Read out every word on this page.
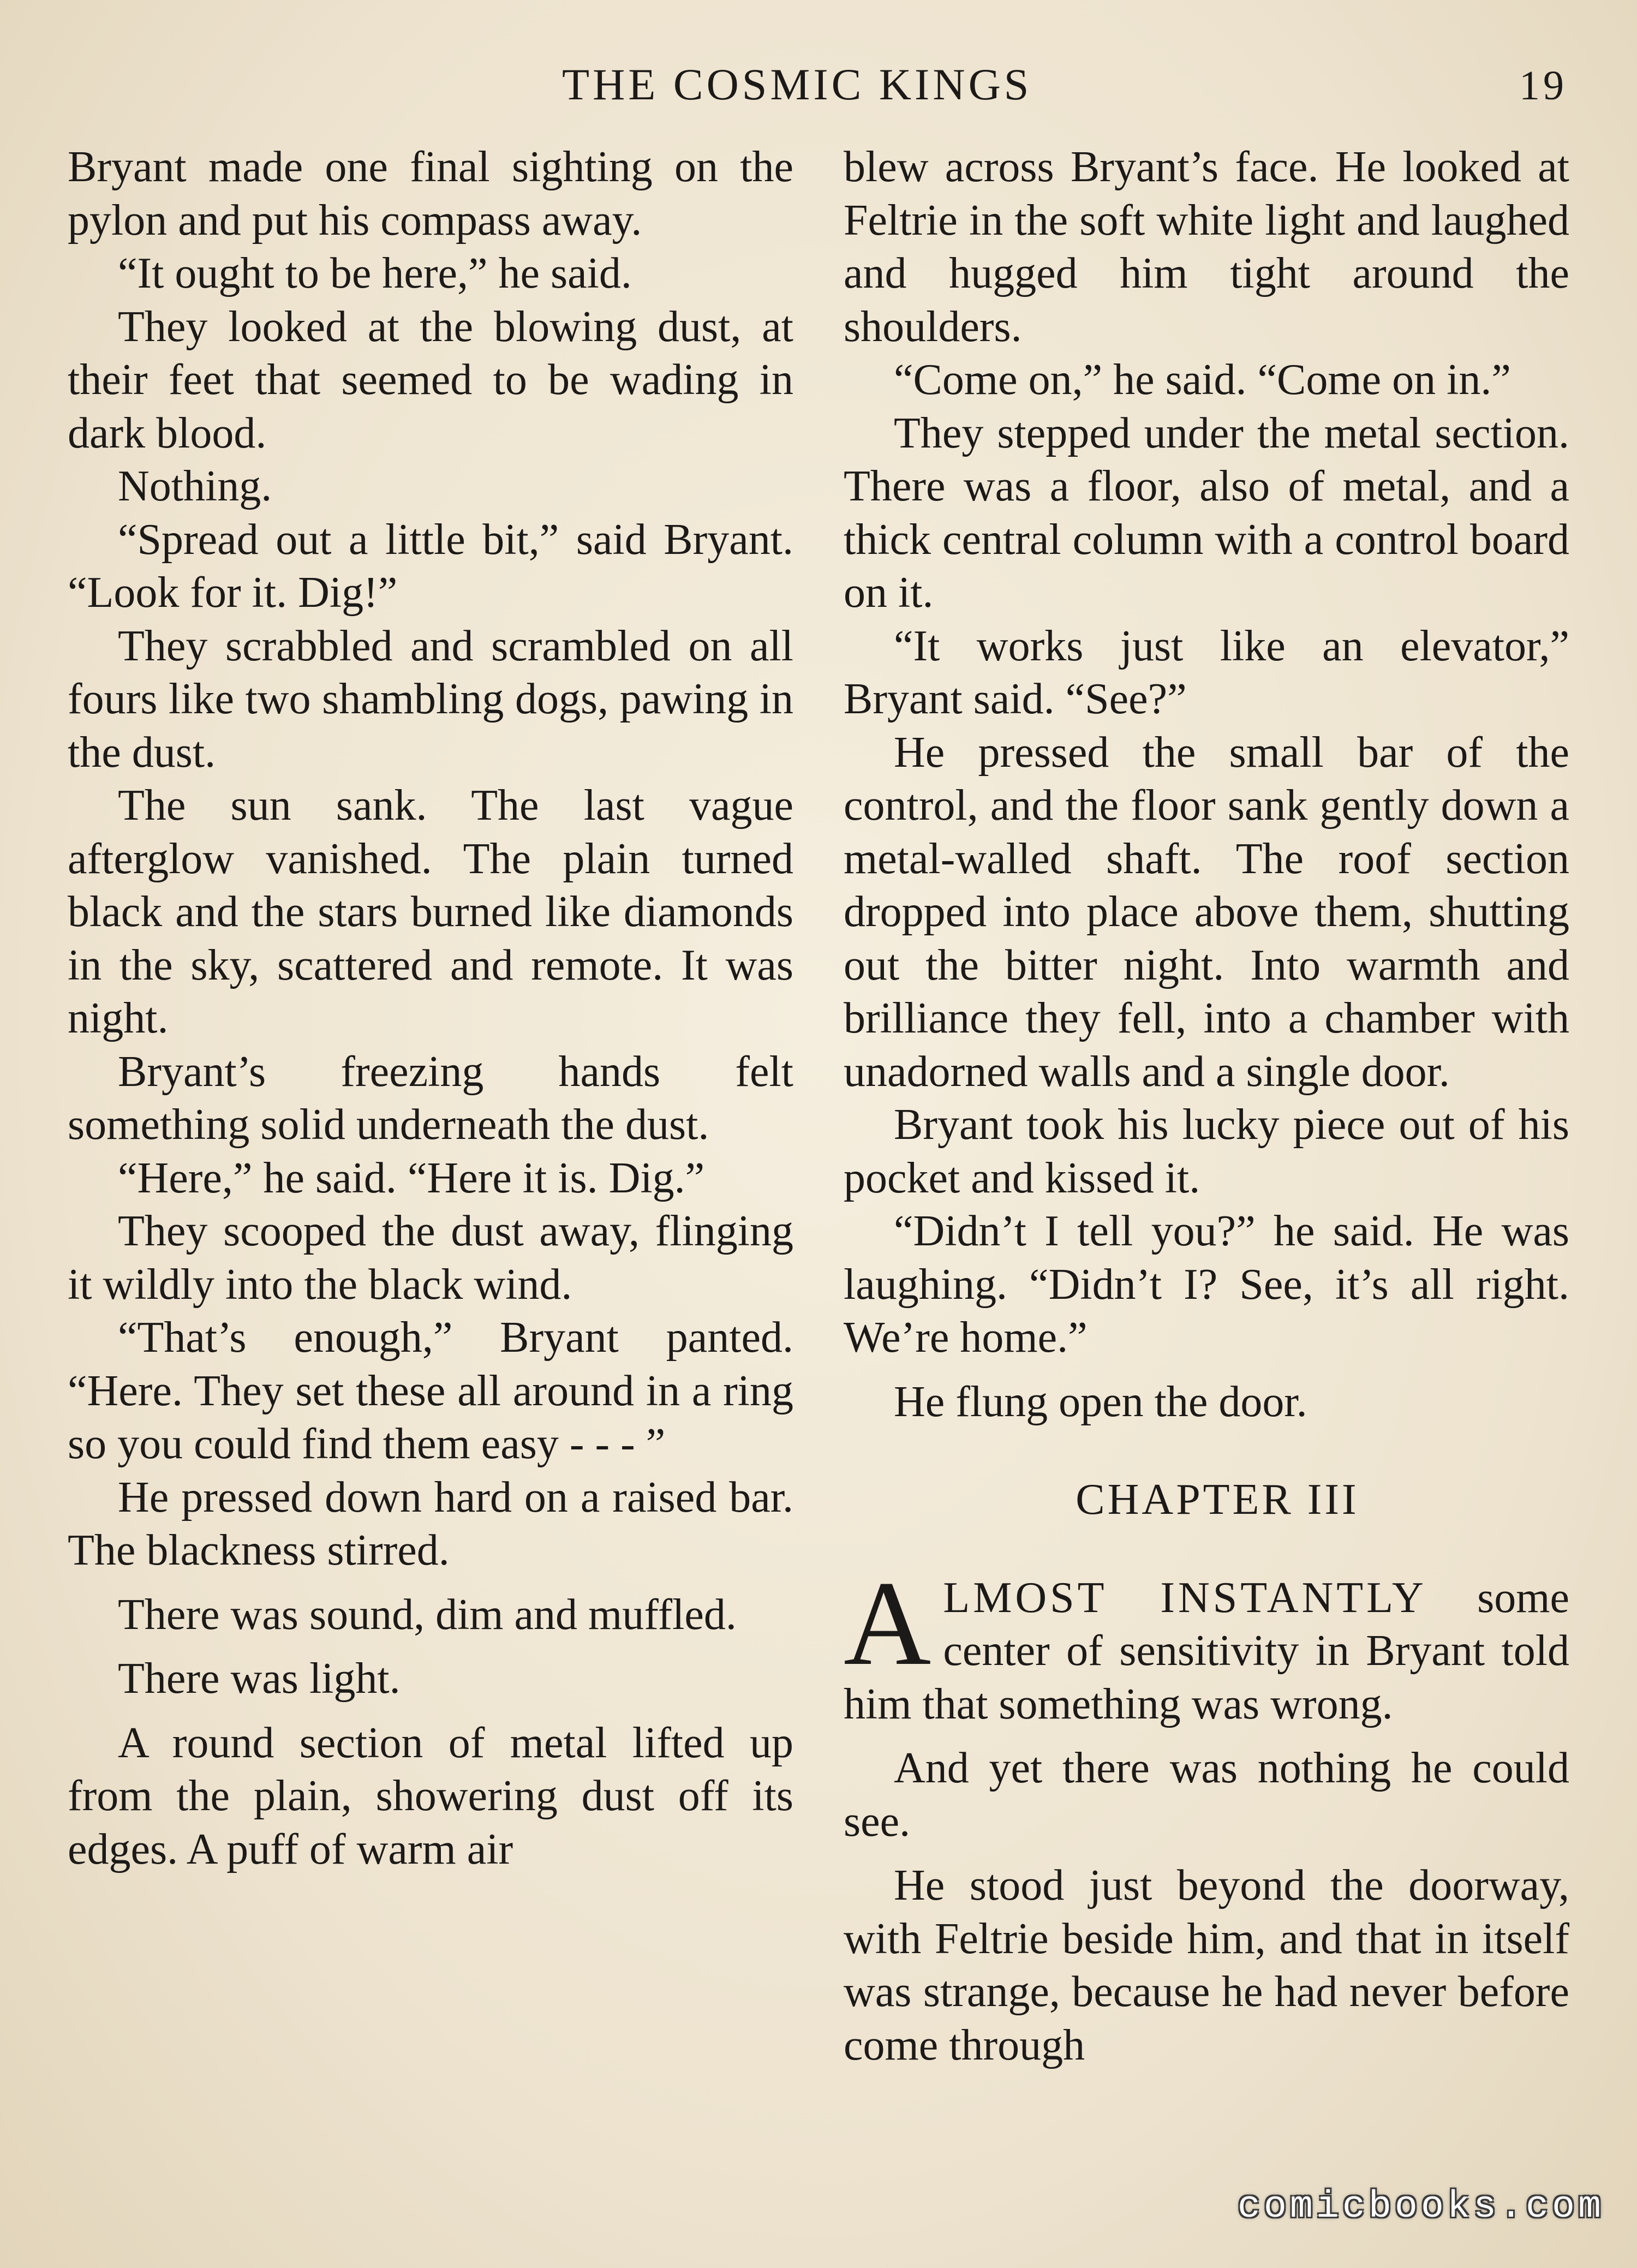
THE COSMIC KINGS	19

Bryant made one final sighting on the pylon and put his compass away.

“It ought to be here,” he said.

They looked at the blowing dust, at their feet that seemed to be wading in dark blood.

Nothing.

“Spread out a little bit,” said Bryant. “Look for it. Dig!”

They scrabbled and scrambled on all fours like two shambling dogs, pawing in the dust.

The sun sank. The last vague afterglow vanished. The plain turned black and the stars burned like diamonds in the sky, scattered and remote. It was night.

Bryant’s freezing hands felt something solid underneath the dust.

“Here,” he said. “Here it is. Dig.”

They scooped the dust away, flinging it wildly into the black wind.

“That’s enough,” Bryant panted. “Here. They set these all around in a ring so you could find them easy - - - ”

He pressed down hard on a raised bar. The blackness stirred.

There was sound, dim and muffled.

There was light.

A round section of metal lifted up from the plain, showering dust off its edges. A puff of warm air

blew across Bryant’s face. He looked at Feltrie in the soft white light and laughed and hugged him tight around the shoulders.

“Come on,” he said. “Come on in.”

They stepped under the metal section. There was a floor, also of metal, and a thick central column with a control board on it.

“It works just like an elevator,” Bryant said. “See?”

He pressed the small bar of the control, and the floor sank gently down a metal-walled shaft. The roof section dropped into place above them, shutting out the bitter night. Into warmth and brilliance they fell, into a chamber with unadorned walls and a single door.

Bryant took his lucky piece out of his pocket and kissed it.

“Didn’t I tell you?” he said. He was laughing. “Didn’t I? See, it’s all right. We’re home.”

He flung open the door.

CHAPTER III

ALMOST INSTANTLY some center of sensitivity in Bryant told him that something was wrong.

And yet there was nothing he could see.

He stood just beyond the doorway, with Feltrie beside him, and that in itself was strange, because he had never before come through

comicbooks.com
